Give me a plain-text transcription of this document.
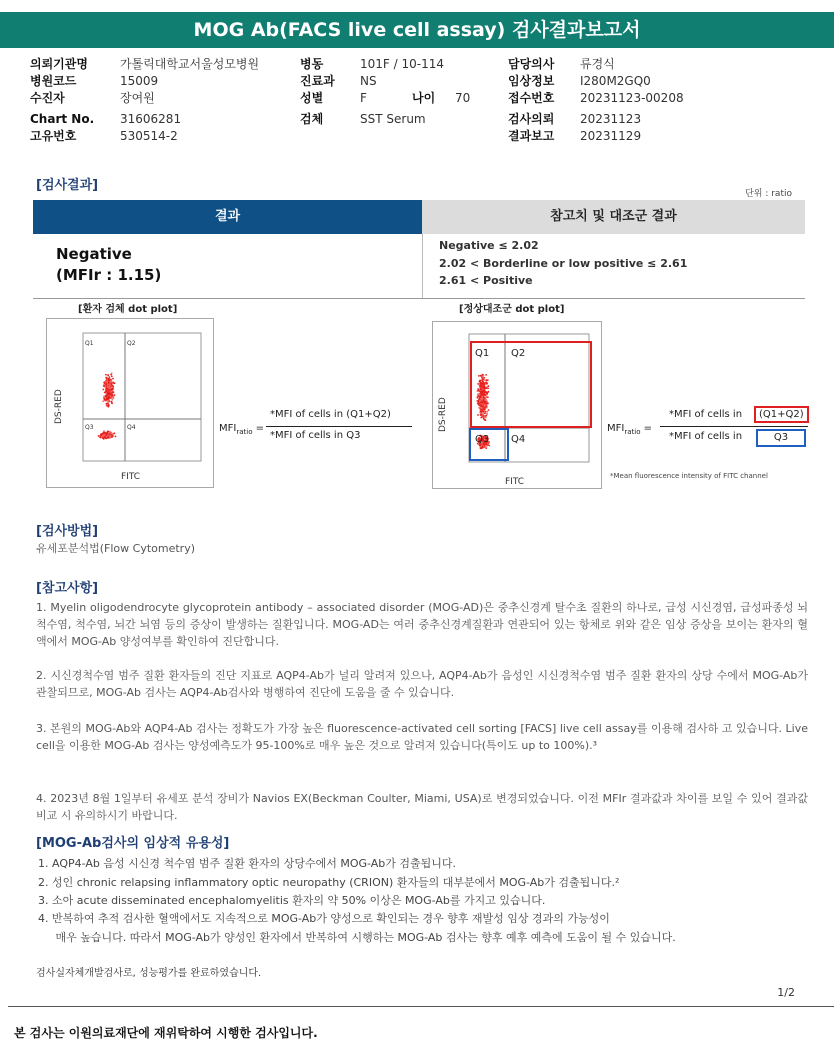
MOG Ab(FACS live cell assay) 검사결과보고서
의뢰기관명	가톨릭대학교서울성모병원
병원코드	15009
수진자	장여원
Chart No. 31606281
고유번호	530514-2
병동	101F / 10-114
진료과 NS
성별	F	나이 70
검체	SST Serum
담당의사 류경식
임상정보 I280M2GQ0
접수번호 20231123-00208
검사의뢰 20231123
결과보고 20231129
[검사결과]
단위 : ratio
결과	참고치 및 대조군 결과
Negative
(MFIr : 1.15)
Negative ≤ 2.02
2.02 < Borderline or low positive ≤ 2.61
2.61 < Positive
[환자 검체 dot plot]
Q1	Q2
Q3	Q4
FITC
DS-RED
$MFI_{ratio}$ =
*MFI of cells in (Q1+Q2)
*MFI of cells in Q3
[정상대조군 dot plot]
Q1 Q2
Q3 Q4
FITC
DS-RED	$MFI_{ratio}$ =
*MFI of cells in	(Q1+Q2)
*MFI of cells in	Q3
*Mean fluorescence intensity of FITC channel
[검사방법]
유세포분석법(Flow Cytometry)
[참고사항]
1. Myelin oligodendrocyte glycoprotein antibody – associated disorder (MOG-AD)은 중추신경계 탈수초 질환의 하나로, 급성 시신경염, 급성파종성 뇌척수염, 척수염, 뇌간 뇌염 등의 증상이 발생하는 질환입니다. MOG-AD는 여러 중추신경계질환과 연관되어 있는 항체로 위와 같은 임상 증상을 보이는 환자의 혈액에서 MOG-Ab 양성여부를 확인하여 진단합니다.
2. 시신경척수염 범주 질환 환자들의 진단 지표로 AQP4-Ab가 널리 알려져 있으나, AQP4-Ab가 음성인 시신경척수염 범주 질환 환자의 상당 수에서 MOG-Ab가 관찰되므로, MOG-Ab 검사는 AQP4-Ab검사와 병행하여 진단에 도움을 줄 수 있습니다.
3. 본원의 MOG-Ab와 AQP4-Ab 검사는 정확도가 가장 높은 fluorescence-activated cell sorting [FACS] live cell assay를 이용해 검사하 고 있습니다. Live cell을 이용한 MOG-Ab 검사는 양성예측도가 95-100%로 매우 높은 것으로 알려져 있습니다(특이도 up to 100%).³
4. 2023년 8월 1일부터 유세포 분석 장비가 Navios EX(Beckman Coulter, Miami, USA)로 변경되었습니다. 이전 MFIr 결과값과 차이를 보일 수 있어 결과값 비교 시 유의하시기 바랍니다.
[MOG-Ab검사의 임상적 유용성]
1. AQP4-Ab 음성 시신경 척수염 범주 질환 환자의 상당수에서 MOG-Ab가 검출됩니다.
2. 성인 chronic relapsing inflammatory optic neuropathy (CRION) 환자들의 대부분에서 MOG-Ab가 검출됩니다.²
3. 소아 acute disseminated encephalomyelitis 환자의 약 50% 이상은 MOG-Ab를 가지고 있습니다.
4. 반복하여 추적 검사한 혈액에서도 지속적으로 MOG-Ab가 양성으로 확인되는 경우 향후 재발성 임상 경과의 가능성이
매우 높습니다. 따라서 MOG-Ab가 양성인 환자에서 반복하여 시행하는 MOG-Ab 검사는 향후 예후 예측에 도움이 될 수 있습니다.
검사실자체개발검사로, 성능평가를 완료하였습니다.
1/2
본 검사는 이원의료재단에 재위탁하여 시행한 검사입니다.
